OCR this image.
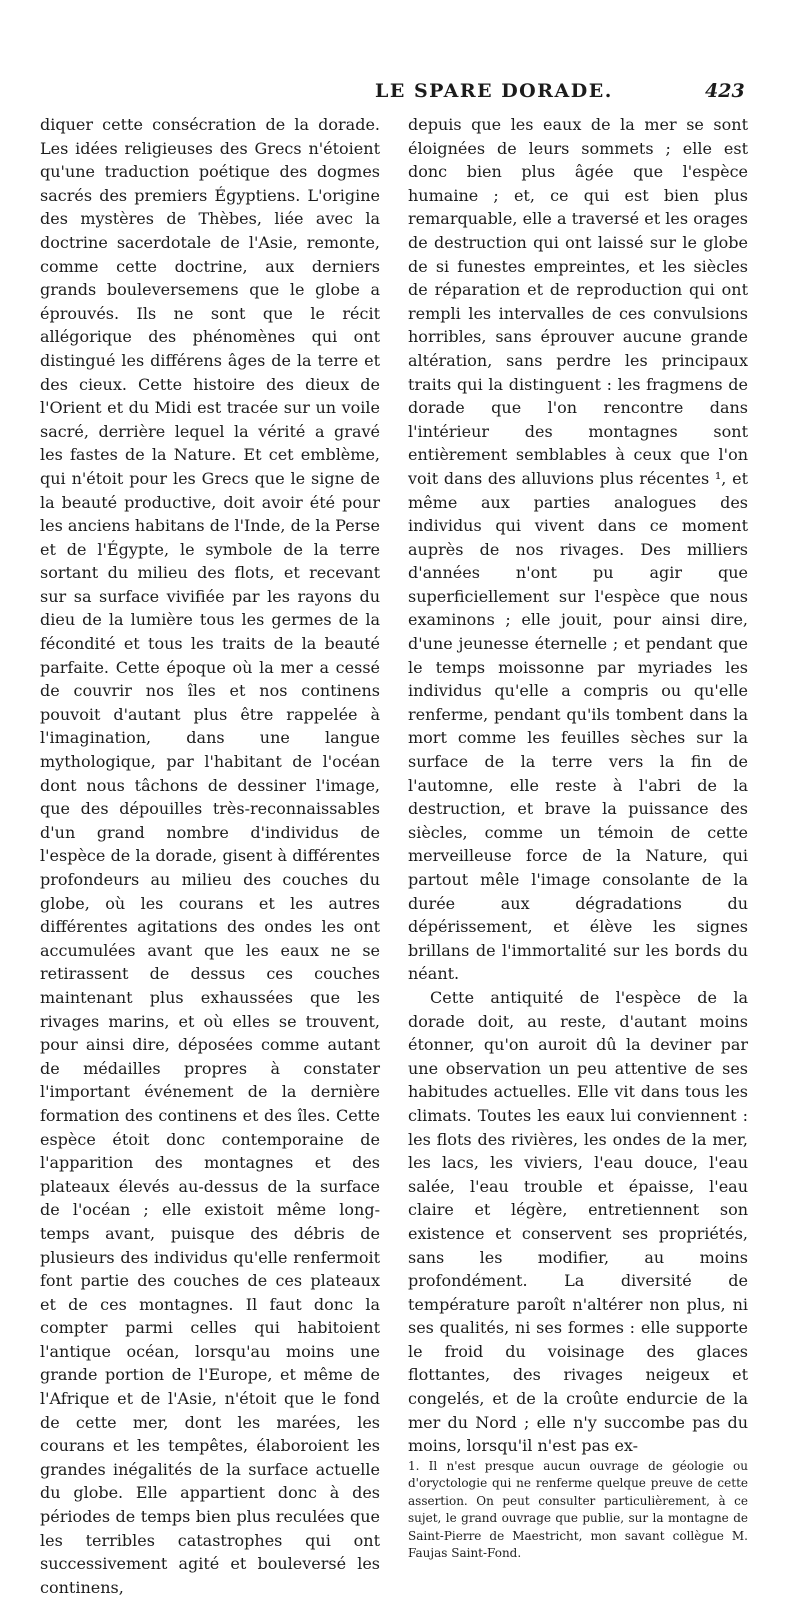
LE SPARE DORADE.	423

diquer cette consécration de la dorade. Les idées religieuses des Grecs n'étoient qu'une traduction poétique des dogmes sacrés des premiers Égyptiens. L'origine des mystères de Thèbes, liée avec la doctrine sacerdotale de l'Asie, remonte, comme cette doctrine, aux derniers grands bouleversemens que le globe a éprouvés. Ils ne sont que le récit allégorique des phénomènes qui ont distingué les différens âges de la terre et des cieux. Cette histoire des dieux de l'Orient et du Midi est tracée sur un voile sacré, derrière lequel la vérité a gravé les fastes de la Nature. Et cet emblème, qui n'étoit pour les Grecs que le signe de la beauté productive, doit avoir été pour les anciens habitans de l'Inde, de la Perse et de l'Égypte, le symbole de la terre sortant du milieu des flots, et recevant sur sa surface vivifiée par les rayons du dieu de la lumière tous les germes de la fécondité et tous les traits de la beauté parfaite. Cette époque où la mer a cessé de couvrir nos îles et nos continens pouvoit d'autant plus être rappelée à l'imagination, dans une langue mythologique, par l'habitant de l'océan dont nous tâchons de dessiner l'image, que des dépouilles très-reconnaissables d'un grand nombre d'individus de l'espèce de la dorade, gisent à différentes profondeurs au milieu des couches du globe, où les courans et les autres différentes agitations des ondes les ont accumulées avant que les eaux ne se retirassent de dessus ces couches maintenant plus exhaussées que les rivages marins, et où elles se trouvent, pour ainsi dire, déposées comme autant de médailles propres à constater l'important événement de la dernière formation des continens et des îles. Cette espèce étoit donc contemporaine de l'apparition des montagnes et des plateaux élevés au-dessus de la surface de l'océan ; elle existoit même long-temps avant, puisque des débris de plusieurs des individus qu'elle renfermoit font partie des couches de ces plateaux et de ces montagnes. Il faut donc la compter parmi celles qui habitoient l'antique océan, lorsqu'au moins une grande portion de l'Europe, et même de l'Afrique et de l'Asie, n'étoit que le fond de cette mer, dont les marées, les courans et les tempêtes, élaboroient les grandes inégalités de la surface actuelle du globe. Elle appartient donc à des périodes de temps bien plus reculées que les terribles catastrophes qui ont successivement agité et bouleversé les continens,

depuis que les eaux de la mer se sont éloignées de leurs sommets ; elle est donc bien plus âgée que l'espèce humaine ; et, ce qui est bien plus remarquable, elle a traversé et les orages de destruction qui ont laissé sur le globe de si funestes empreintes, et les siècles de réparation et de reproduction qui ont rempli les intervalles de ces convulsions horribles, sans éprouver aucune grande altération, sans perdre les principaux traits qui la distinguent : les fragmens de dorade que l'on rencontre dans l'intérieur des montagnes sont entièrement semblables à ceux que l'on voit dans des alluvions plus récentes ¹, et même aux parties analogues des individus qui vivent dans ce moment auprès de nos rivages. Des milliers d'années n'ont pu agir que superficiellement sur l'espèce que nous examinons ; elle jouit, pour ainsi dire, d'une jeunesse éternelle ; et pendant que le temps moissonne par myriades les individus qu'elle a compris ou qu'elle renferme, pendant qu'ils tombent dans la mort comme les feuilles sèches sur la surface de la terre vers la fin de l'automne, elle reste à l'abri de la destruction, et brave la puissance des siècles, comme un témoin de cette merveilleuse force de la Nature, qui partout mêle l'image consolante de la durée aux dégradations du dépérissement, et élève les signes brillans de l'immortalité sur les bords du néant.

Cette antiquité de l'espèce de la dorade doit, au reste, d'autant moins étonner, qu'on auroit dû la deviner par une observation un peu attentive de ses habitudes actuelles. Elle vit dans tous les climats. Toutes les eaux lui conviennent : les flots des rivières, les ondes de la mer, les lacs, les viviers, l'eau douce, l'eau salée, l'eau trouble et épaisse, l'eau claire et légère, entretiennent son existence et conservent ses propriétés, sans les modifier, au moins profondément. La diversité de température paroît n'altérer non plus, ni ses qualités, ni ses formes : elle supporte le froid du voisinage des glaces flottantes, des rivages neigeux et congelés, et de la croûte endurcie de la mer du Nord ; elle n'y succombe pas du moins, lorsqu'il n'est pas ex-

1. Il n'est presque aucun ouvrage de géologie ou d'oryctologie qui ne renferme quelque preuve de cette assertion. On peut consulter particulièrement, à ce sujet, le grand ouvrage que publie, sur la montagne de Saint-Pierre de Maestricht, mon savant collègue M. Faujas Saint-Fond.
